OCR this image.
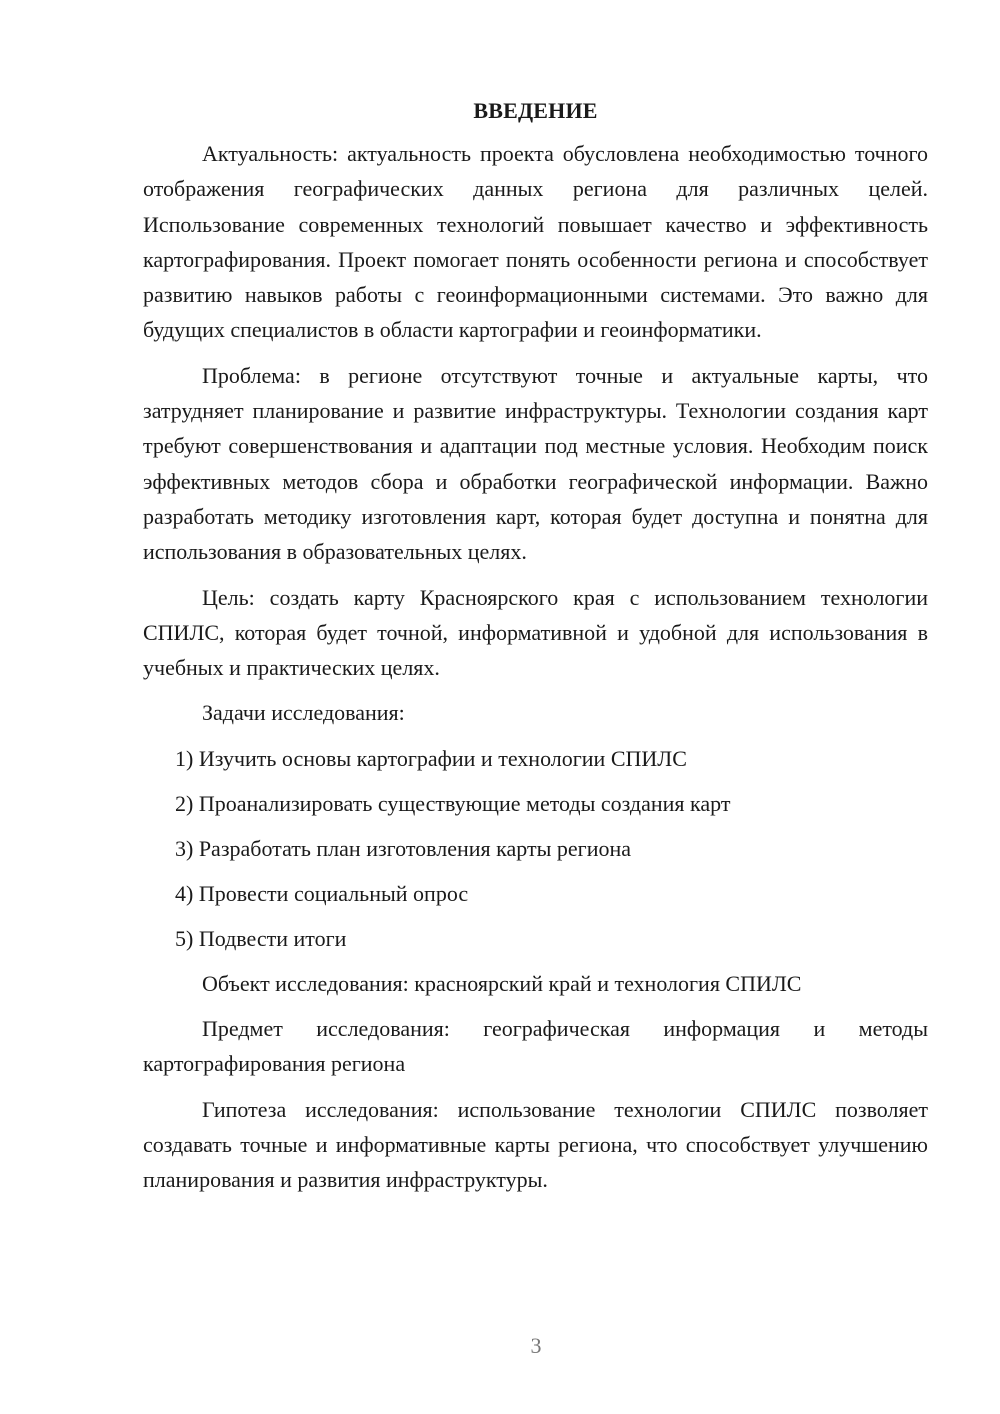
ВВЕДЕНИЕ

Актуальность: актуальность проекта обусловлена необходимостью точного отображения географических данных региона для различных целей. Использование современных технологий повышает качество и эффективность картографирования. Проект помогает понять особенности региона и способствует развитию навыков работы с геоинформационными системами. Это важно для будущих специалистов в области картографии и геоинформатики.

Проблема: в регионе отсутствуют точные и актуальные карты, что затрудняет планирование и развитие инфраструктуры. Технологии создания карт требуют совершенствования и адаптации под местные условия. Необходим поиск эффективных методов сбора и обработки географической информации. Важно разработать методику изготовления карт, которая будет доступна и понятна для использования в образовательных целях.

Цель: создать карту Красноярского края с использованием технологии СПИЛС, которая будет точной, информативной и удобной для использования в учебных и практических целях.

Задачи исследования:

1) Изучить основы картографии и технологии СПИЛС
2) Проанализировать существующие методы создания карт
3) Разработать план изготовления карты региона
4) Провести социальный опрос
5) Подвести итоги

Объект исследования: красноярский край и технология СПИЛС

Предмет исследования: географическая информация и методы картографирования региона

Гипотеза исследования: использование технологии СПИЛС позволяет создавать точные и информативные карты региона, что способствует улучшению планирования и развития инфраструктуры.

3
